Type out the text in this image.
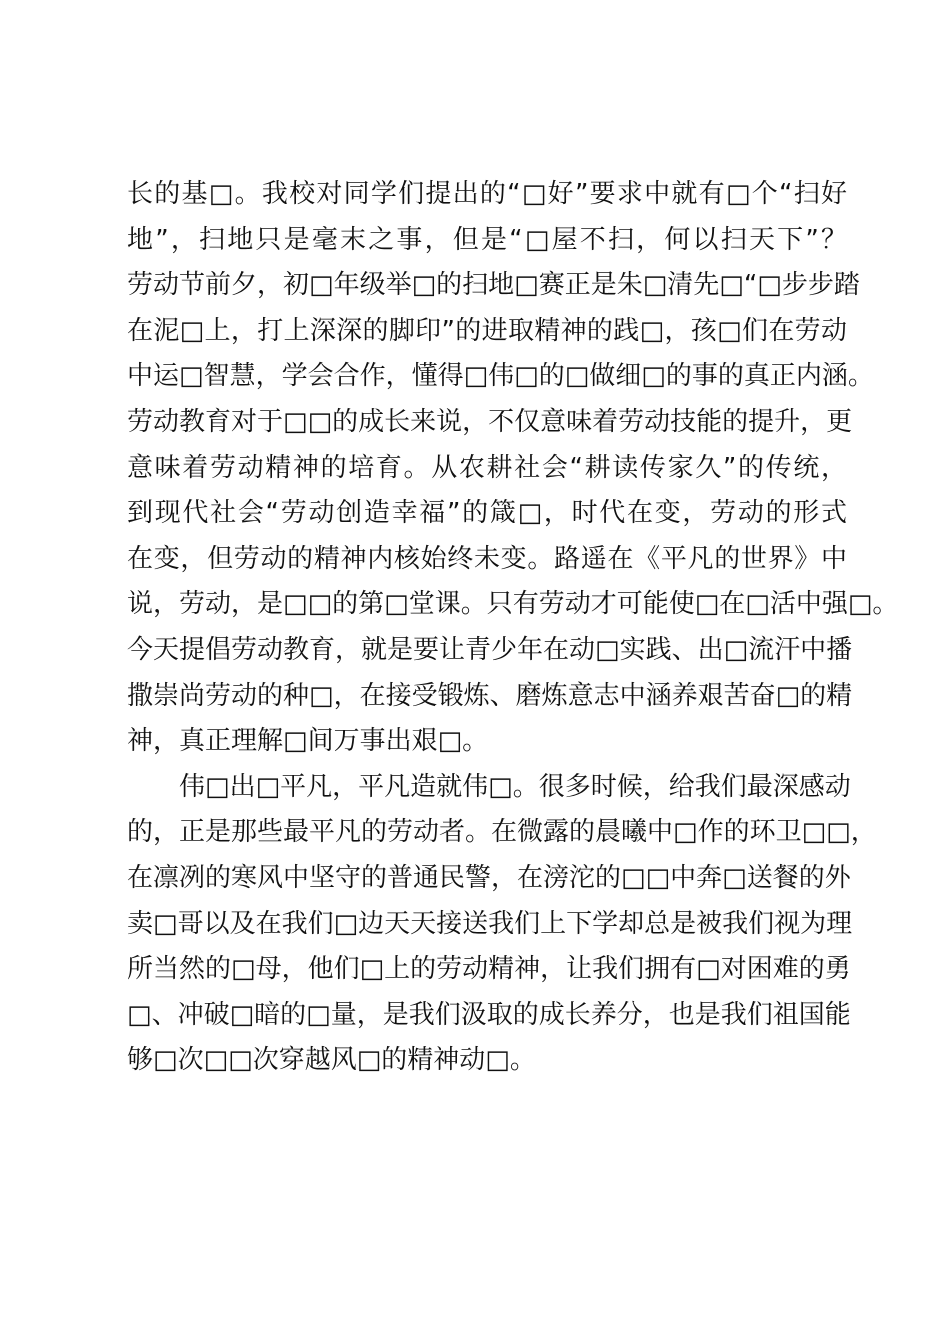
长的基□。我校对同学们提出的“□好”要求中就有□个“扫好
地”，扫地只是毫末之事，但是“□屋不扫，何以扫天下”？
劳动节前夕，初□年级举□的扫地□赛正是朱□清先□“□步步踏
在泥□上，打上深深的脚印”的进取精神的践□，孩□们在劳动
中运□智慧，学会合作，懂得□伟□的□做细□的事的真正内涵。
劳动教育对于□□的成长来说，不仅意味着劳动技能的提升，更
意味着劳动精神的培育。从农耕社会“耕读传家久”的传统，
到现代社会“劳动创造幸福”的箴□，时代在变，劳动的形式
在变，但劳动的精神内核始终未变。路遥在《平凡的世界》中
说，劳动，是□□的第□堂课。只有劳动才可能使□在□活中强□。
今天提倡劳动教育，就是要让青少年在动□实践、出□流汗中播
撒崇尚劳动的种□，在接受锻炼、磨炼意志中涵养艰苦奋□的精
神，真正理解□间万事出艰□。
伟□出□平凡，平凡造就伟□。很多时候，给我们最深感动
的，正是那些最平凡的劳动者。在微露的晨曦中□作的环卫□□，
在凛冽的寒风中坚守的普通民警，在滂沱的□□中奔□送餐的外
卖□哥以及在我们□边天天接送我们上下学却总是被我们视为理
所当然的□母，他们□上的劳动精神，让我们拥有□对困难的勇
□、冲破□暗的□量，是我们汲取的成长养分，也是我们祖国能
够□次□□次穿越风□的精神动□。
